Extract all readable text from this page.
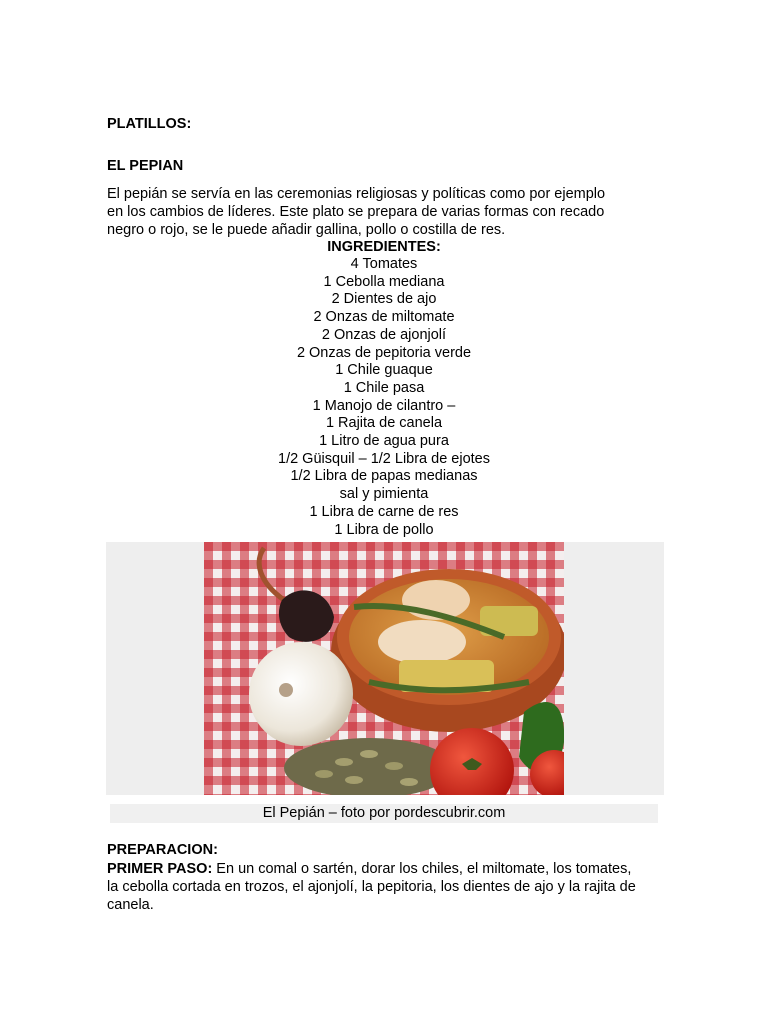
PLATILLOS:

EL PEPIAN

El pepián se servía en las ceremonias religiosas y políticas como por ejemplo
en los cambios de líderes. Este plato se prepara de varias formas con recado
negro o rojo, se le puede añadir gallina, pollo o costilla de res.

INGREDIENTES:
4 Tomates
1 Cebolla mediana
2 Dientes de ajo
2 Onzas de miltomate
2 Onzas de ajonjolí
2 Onzas de pepitoria verde
1 Chile guaque
1 Chile pasa
1 Manojo de cilantro –
1 Rajita de canela
1 Litro de agua pura
1/2 Güisquil – 1/2 Libra de ejotes
1/2 Libra de papas medianas
sal y pimienta
1 Libra de carne de res
1 Libra de pollo

El Pepián – foto por pordescubrir.com

PREPARACION:

PRIMER PASO: En un comal o sartén, dorar los chiles, el miltomate, los tomates,
la cebolla cortada en trozos, el ajonjolí, la pepitoria, los dientes de ajo y la rajita de
canela.
